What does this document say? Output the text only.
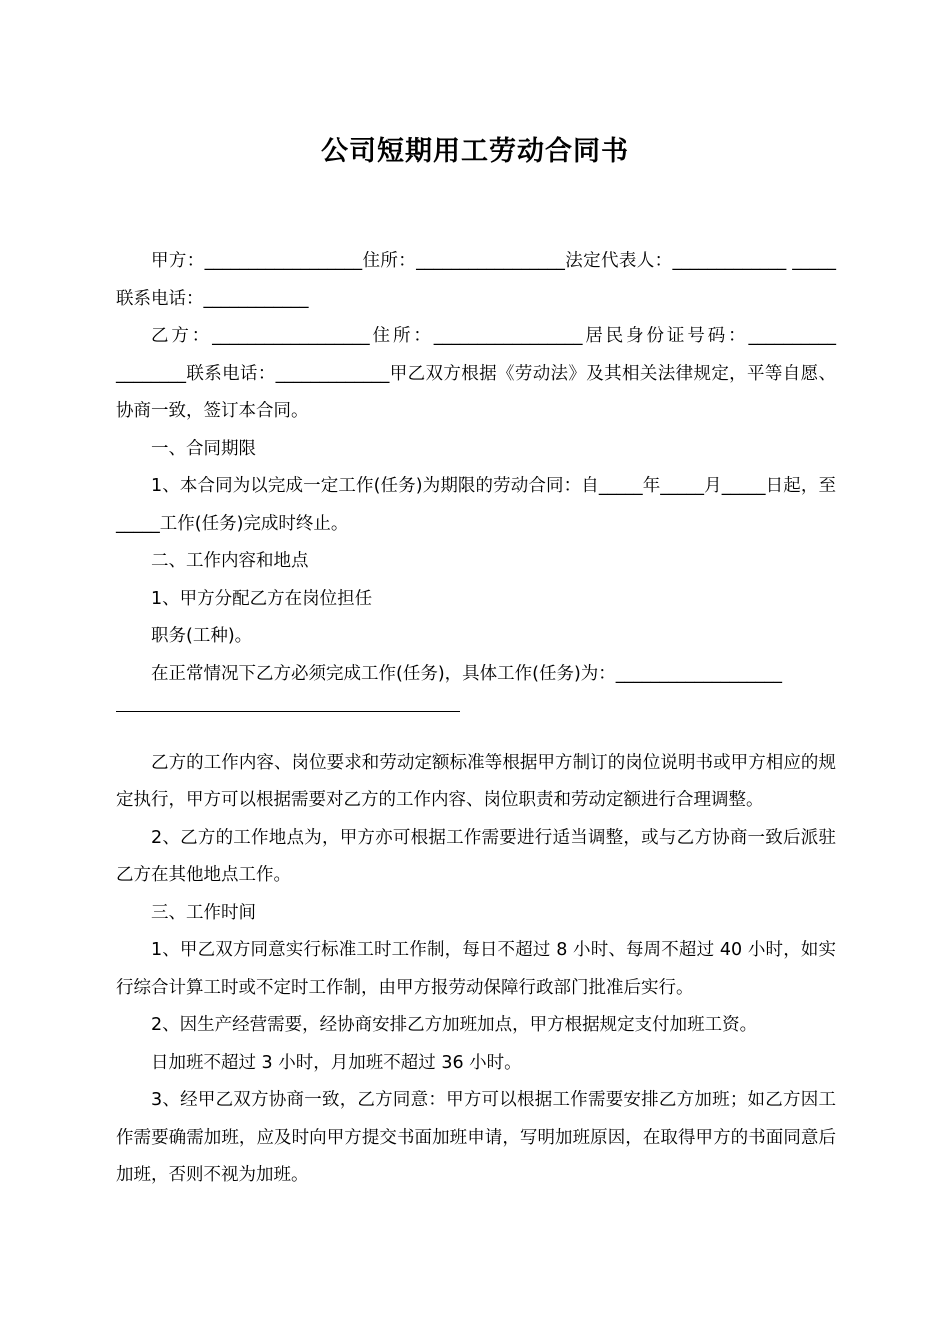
公司短期用工劳动合同书

甲方：__________________住所：_________________法定代表人：_____________ _____联系电话：____________

乙方：__________________住所：_________________居民身份证号码：__________ ________联系电话：_____________甲乙双方根据《劳动法》及其相关法律规定，平等自愿、协商一致，签订本合同。

一、合同期限

1、本合同为以完成一定工作(任务)为期限的劳动合同：自_____年_____月_____日起，至_____工作(任务)完成时终止。

二、工作内容和地点

1、甲方分配乙方在岗位担任

职务(工种)。

在正常情况下乙方必须完成工作(任务)，具体工作(任务)为：___________________

乙方的工作内容、岗位要求和劳动定额标准等根据甲方制订的岗位说明书或甲方相应的规定执行，甲方可以根据需要对乙方的工作内容、岗位职责和劳动定额进行合理调整。

2、乙方的工作地点为，甲方亦可根据工作需要进行适当调整，或与乙方协商一致后派驻乙方在其他地点工作。

三、工作时间

1、甲乙双方同意实行标准工时工作制，每日不超过 8 小时、每周不超过 40 小时，如实行综合计算工时或不定时工作制，由甲方报劳动保障行政部门批准后实行。

2、因生产经营需要，经协商安排乙方加班加点，甲方根据规定支付加班工资。

日加班不超过 3 小时，月加班不超过 36 小时。

3、经甲乙双方协商一致，乙方同意：甲方可以根据工作需要安排乙方加班；如乙方因工作需要确需加班，应及时向甲方提交书面加班申请，写明加班原因，在取得甲方的书面同意后加班，否则不视为加班。
